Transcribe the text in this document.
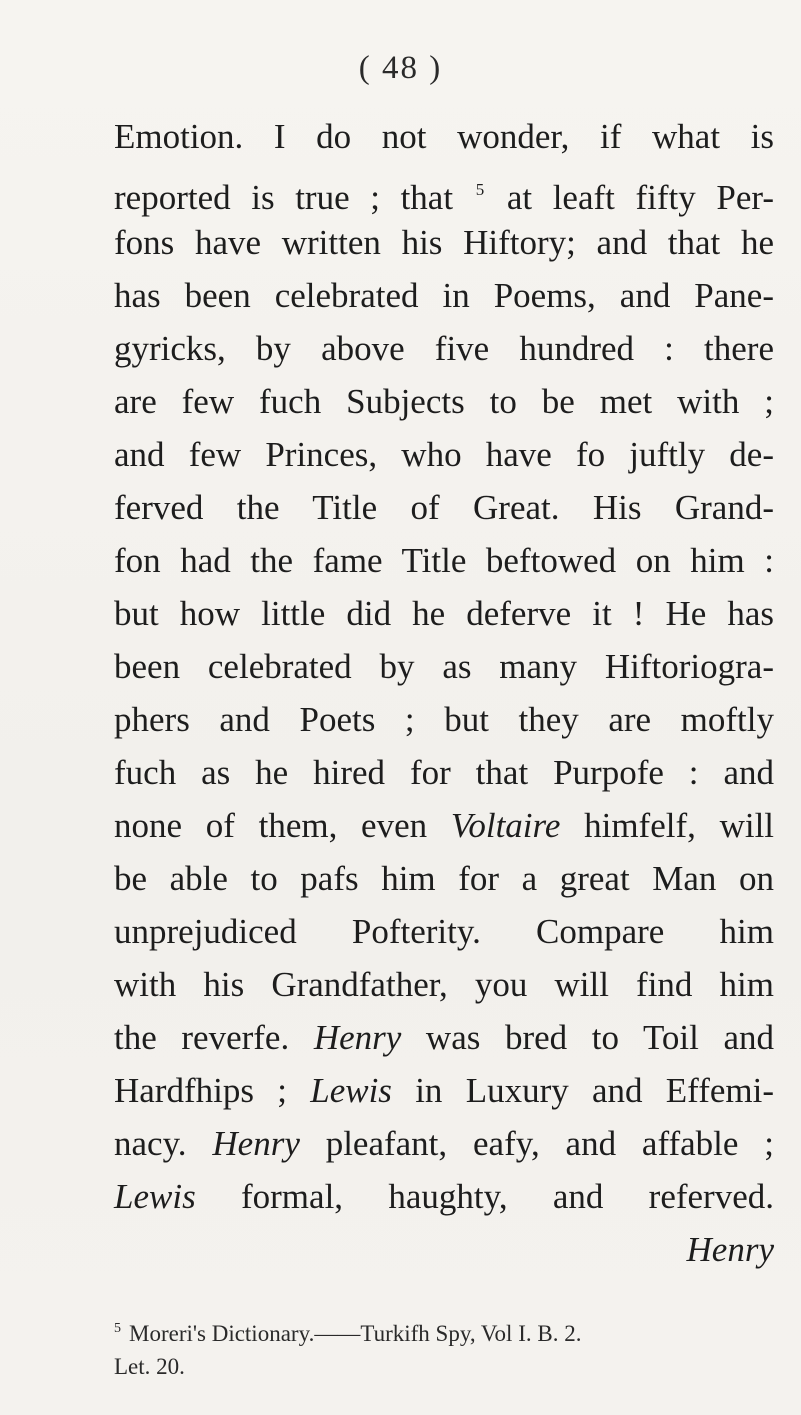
( 48 )
Emotion. I do not wonder, if what is
reported is true ; that $^5$ at leaft fifty Per-
fons have written his Hiftory; and that he
has been celebrated in Poems, and Pane-
gyricks, by above five hundred : there
are few fuch Subjects to be met with ;
and few Princes, who have fo juftly de-
ferved the Title of Great. His Grand-
fon had the fame Title beftowed on him :
but how little did he deferve it ! He has
been celebrated by as many Hiftoriogra-
phers and Poets ; but they are moftly
fuch as he hired for that Purpofe : and
none of them, even Voltaire himfelf, will
be able to pafs him for a great Man on
unprejudiced Pofterity. Compare him
with his Grandfather, you will find him
the reverfe. Henry was bred to Toil and
Hardfhips ; Lewis in Luxury and Effemi-
nacy. Henry pleafant, eafy, and affable ;
Lewis formal, haughty, and referved.
Henry
$^5$ Moreri's Dictionary.——Turkifh Spy, Vol I. B. 2.
Let. 20.
